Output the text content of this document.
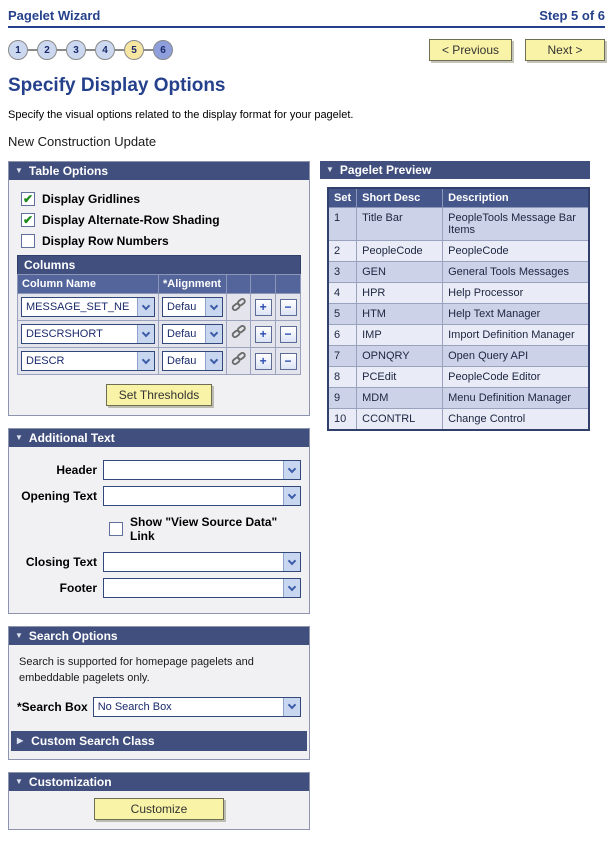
Pagelet Wizard	Step 5 of 6
1	2	3	4	5	6	< Previous	Next >
Specify Display Options
Specify the visual options related to the display format for your pagelet.
New Construction Update
▼ Table Options
✔ Display Gridlines
✔ Display Alternate-Row Shading
Display Row Numbers
Columns
Column Name	*Alignment			

MESSAGE_SET_NE	Defau		+	−

DESCRSHORT	Defau		+	−

DESCR	Defau		+	−
Set Thresholds
▼ Additional Text
Header
Opening Text
Show "View Source Data" Link
Closing Text
Footer
▼ Search Options
Search is supported for homepage pagelets and embeddable pagelets only.
*Search Box No Search Box
▶ Custom Search Class
▼ Customization
Customize
▼ Pagelet Preview
Set	Short Desc	Description
1	Title Bar	PeopleTools Message Bar Items
2	PeopleCode	PeopleCode
3	GEN	General Tools Messages
4	HPR	Help Processor
5	HTM	Help Text Manager
6	IMP	Import Definition Manager
7	OPNQRY	Open Query API
8	PCEdit	PeopleCode Editor
9	MDM	Menu Definition Manager
10	CCONTRL	Change Control
